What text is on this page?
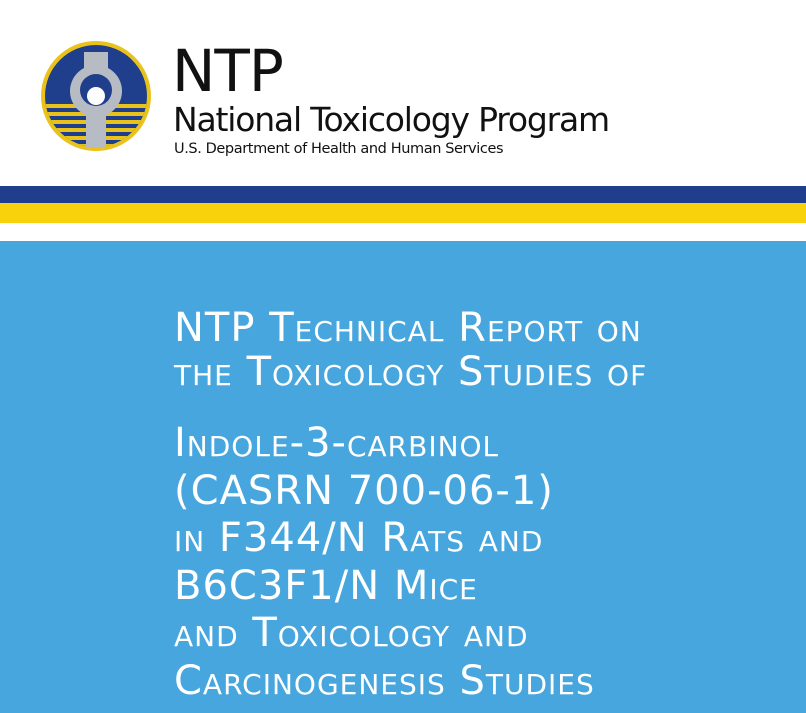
NTP
National Toxicology Program
U.S. Department of Health and Human Services
NTP Technical Report on
the Toxicology Studies of
Indole-3-carbinol
(CASRN 700-06-1)
in F344/N Rats and
B6C3F1/N Mice
and Toxicology and
Carcinogenesis Studies
